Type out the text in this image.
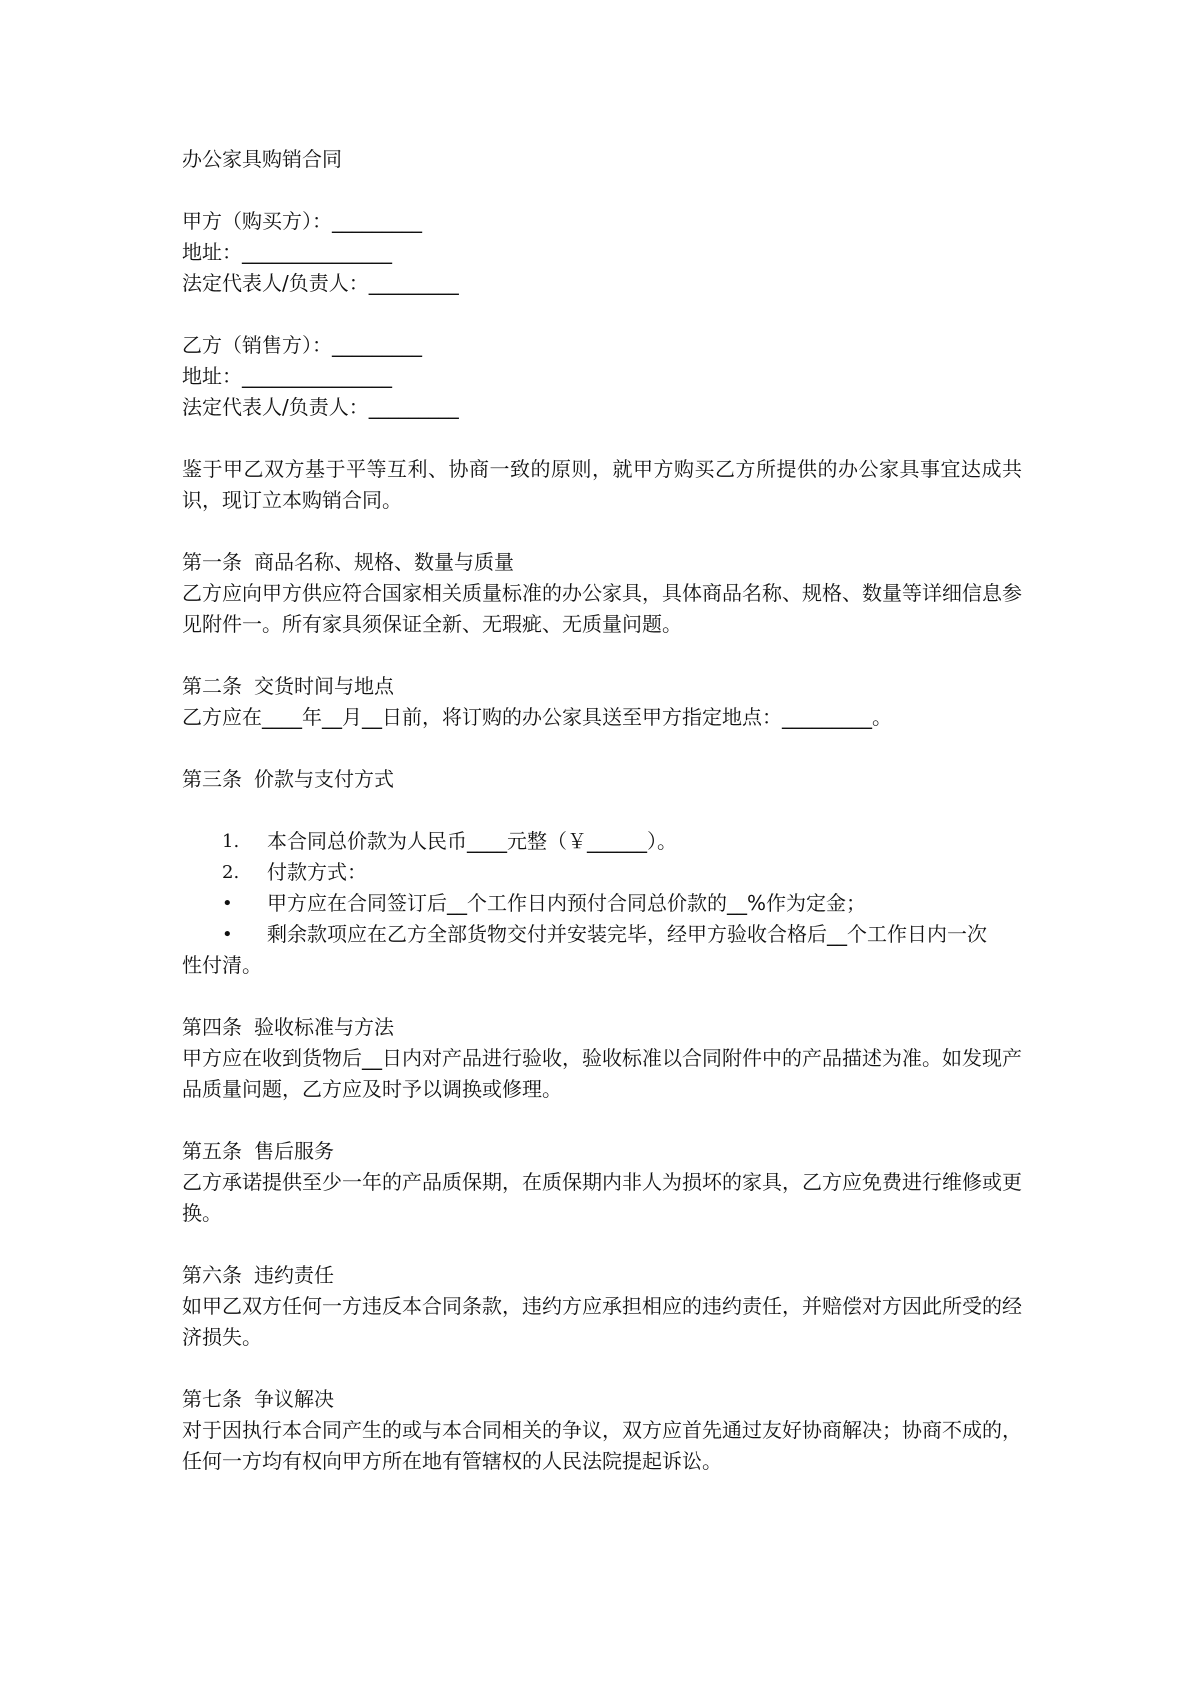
办公家具购销合同
甲方（购买方）：_________
地址：_______________
法定代表人/负责人：_________
乙方（销售方）：_________
地址：_______________
法定代表人/负责人：_________
鉴于甲乙双方基于平等互利、协商一致的原则，就甲方购买乙方所提供的办公家具事宜达成共识，现订立本购销合同。
第一条 商品名称、规格、数量与质量
乙方应向甲方供应符合国家相关质量标准的办公家具，具体商品名称、规格、数量等详细信息参见附件一。所有家具须保证全新、无瑕疵、无质量问题。
第二条 交货时间与地点
乙方应在____年__月__日前，将订购的办公家具送至甲方指定地点：_________。
第三条 价款与支付方式
1.	本合同总价款为人民币____元整（￥______）。
2.	付款方式：
•	甲方应在合同签订后__个工作日内预付合同总价款的__%作为定金；
•	剩余款项应在乙方全部货物交付并安装完毕，经甲方验收合格后__个工作日内一次
性付清。
第四条 验收标准与方法
甲方应在收到货物后__日内对产品进行验收，验收标准以合同附件中的产品描述为准。如发现产品质量问题，乙方应及时予以调换或修理。
第五条 售后服务
乙方承诺提供至少一年的产品质保期，在质保期内非人为损坏的家具，乙方应免费进行维修或更换。
第六条 违约责任
如甲乙双方任何一方违反本合同条款，违约方应承担相应的违约责任，并赔偿对方因此所受的经济损失。
第七条 争议解决
对于因执行本合同产生的或与本合同相关的争议，双方应首先通过友好协商解决；协商不成的，任何一方均有权向甲方所在地有管辖权的人民法院提起诉讼。
